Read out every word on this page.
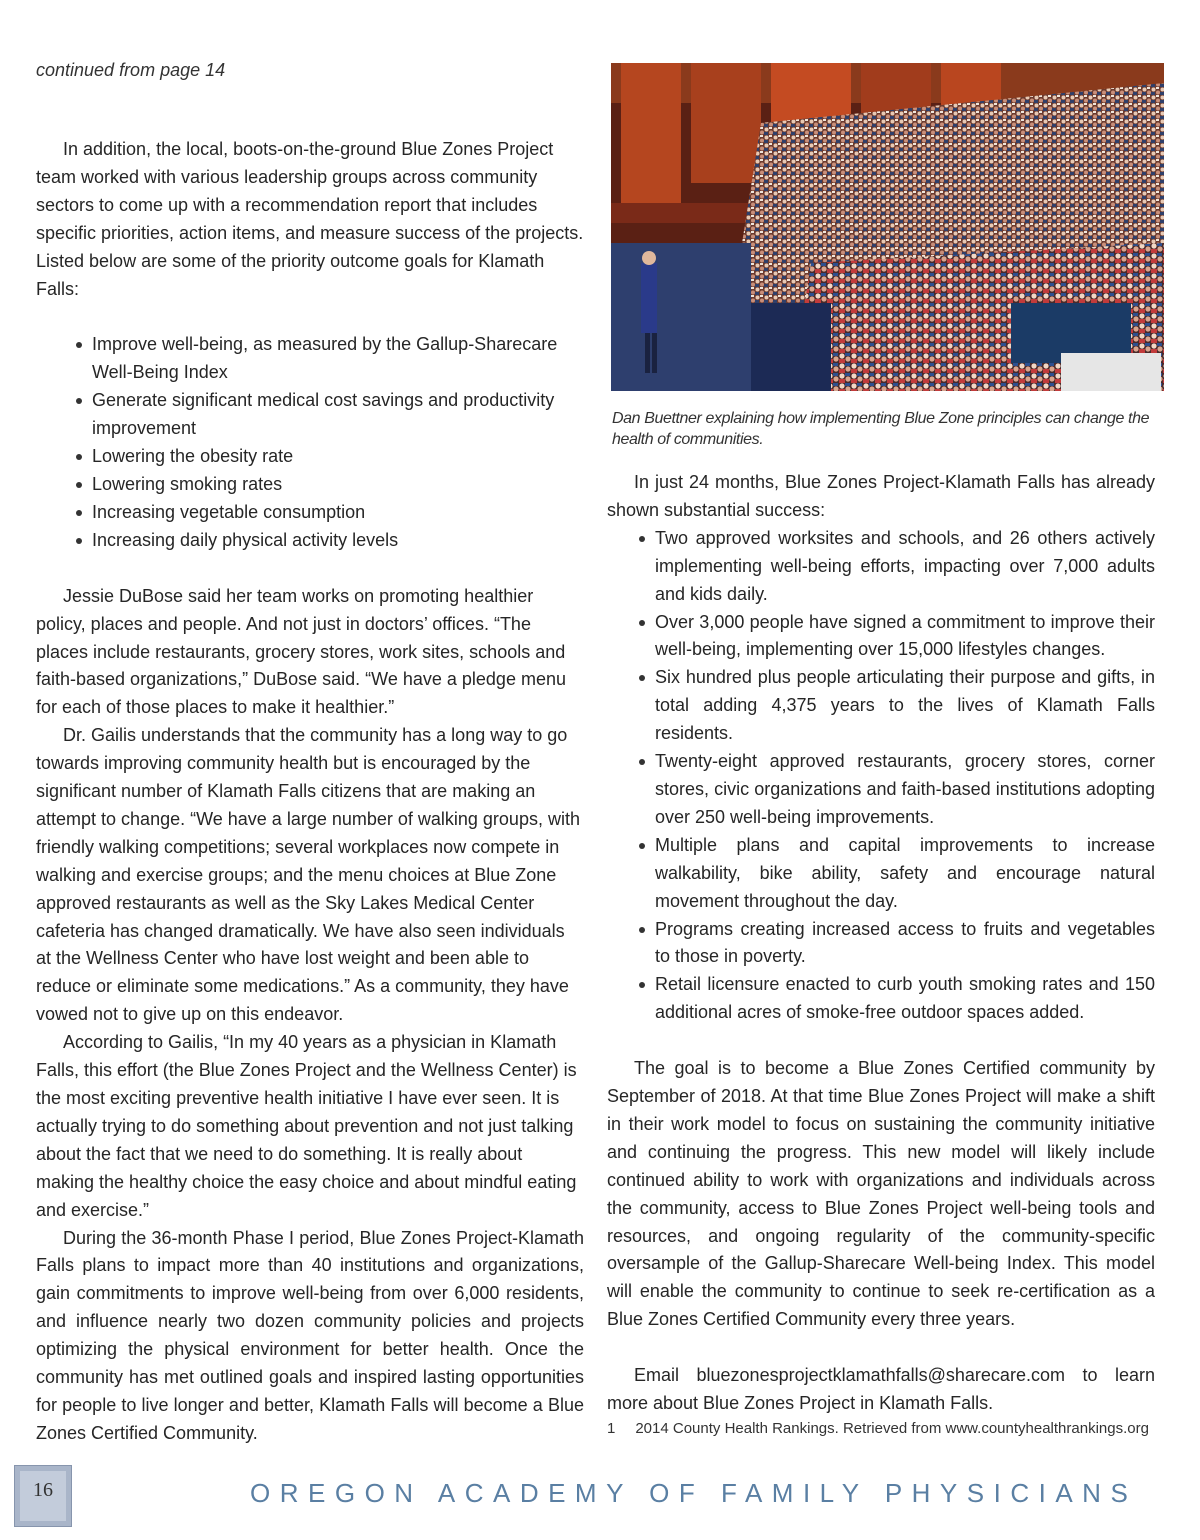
continued from page 14

In addition, the local, boots-on-the-ground Blue Zones Project team worked with various leadership groups across community sectors to come up with a recommendation report that includes specific priorities, action items, and measure success of the projects. Listed below are some of the priority outcome goals for Klamath Falls:

Improve well-being, as measured by the Gallup-Sharecare Well-Being Index
Generate significant medical cost savings and productivity improvement
Lowering the obesity rate
Lowering smoking rates
Increasing vegetable consumption
Increasing daily physical activity levels

Jessie DuBose said her team works on promoting healthier policy, places and people. And not just in doctors’ offices. “The places include restaurants, grocery stores, work sites, schools and faith-based organizations,” DuBose said. “We have a pledge menu for each of those places to make it healthier.”

Dr. Gailis understands that the community has a long way to go towards improving community health but is encouraged by the significant number of Klamath Falls citizens that are making an attempt to change. “We have a large number of walking groups, with friendly walking competitions; several workplaces now compete in walking and exercise groups; and the menu choices at Blue Zone approved restaurants as well as the Sky Lakes Medical Center cafeteria has changed dramatically. We have also seen individuals at the Wellness Center who have lost weight and been able to reduce or eliminate some medications.” As a community, they have vowed not to give up on this endeavor.

According to Gailis, “In my 40 years as a physician in Klamath Falls, this effort (the Blue Zones Project and the Wellness Center) is the most exciting preventive health initiative I have ever seen. It is actually trying to do something about prevention and not just talking about the fact that we need to do something. It is really about making the healthy choice the easy choice and about mindful eating and exercise.”

During the 36-month Phase I period, Blue Zones Project-Klamath Falls plans to impact more than 40 institutions and organizations, gain commitments to improve well-being from over 6,000 residents, and influence nearly two dozen community policies and projects optimizing the physical environment for better health. Once the community has met outlined goals and inspired lasting opportunities for people to live longer and better, Klamath Falls will become a Blue Zones Certified Community.

Dan Buettner explaining how implementing Blue Zone principles can change the health of communities.

In just 24 months, Blue Zones Project-Klamath Falls has already shown substantial success:

Two approved worksites and schools, and 26 others actively implementing well-being efforts, impacting over 7,000 adults and kids daily.
Over 3,000 people have signed a commitment to improve their well-being, implementing over 15,000 lifestyles changes.
Six hundred plus people articulating their purpose and gifts, in total adding 4,375 years to the lives of Klamath Falls residents.
Twenty-eight approved restaurants, grocery stores, corner stores, civic organizations and faith-based institutions adopting over 250 well-being improvements.
Multiple plans and capital improvements to increase walkability, bike ability, safety and encourage natural movement throughout the day.
Programs creating increased access to fruits and vegetables to those in poverty.
Retail licensure enacted to curb youth smoking rates and 150 additional acres of smoke-free outdoor spaces added.

The goal is to become a Blue Zones Certified community by September of 2018. At that time Blue Zones Project will make a shift in their work model to focus on sustaining the community initiative and continuing the progress. This new model will likely include continued ability to work with organizations and individuals across the community, access to Blue Zones Project well-being tools and resources, and ongoing regularity of the community-specific oversample of the Gallup-Sharecare Well-being Index. This model will enable the community to continue to seek re-certification as a Blue Zones Certified Community every three years.

Email bluezonesprojectklamathfalls@sharecare.com to learn more about Blue Zones Project in Klamath Falls.

1 2014 County Health Rankings. Retrieved from www.countyhealthrankings.org
16	OREGON ACADEMY OF FAMILY PHYSICIANS
